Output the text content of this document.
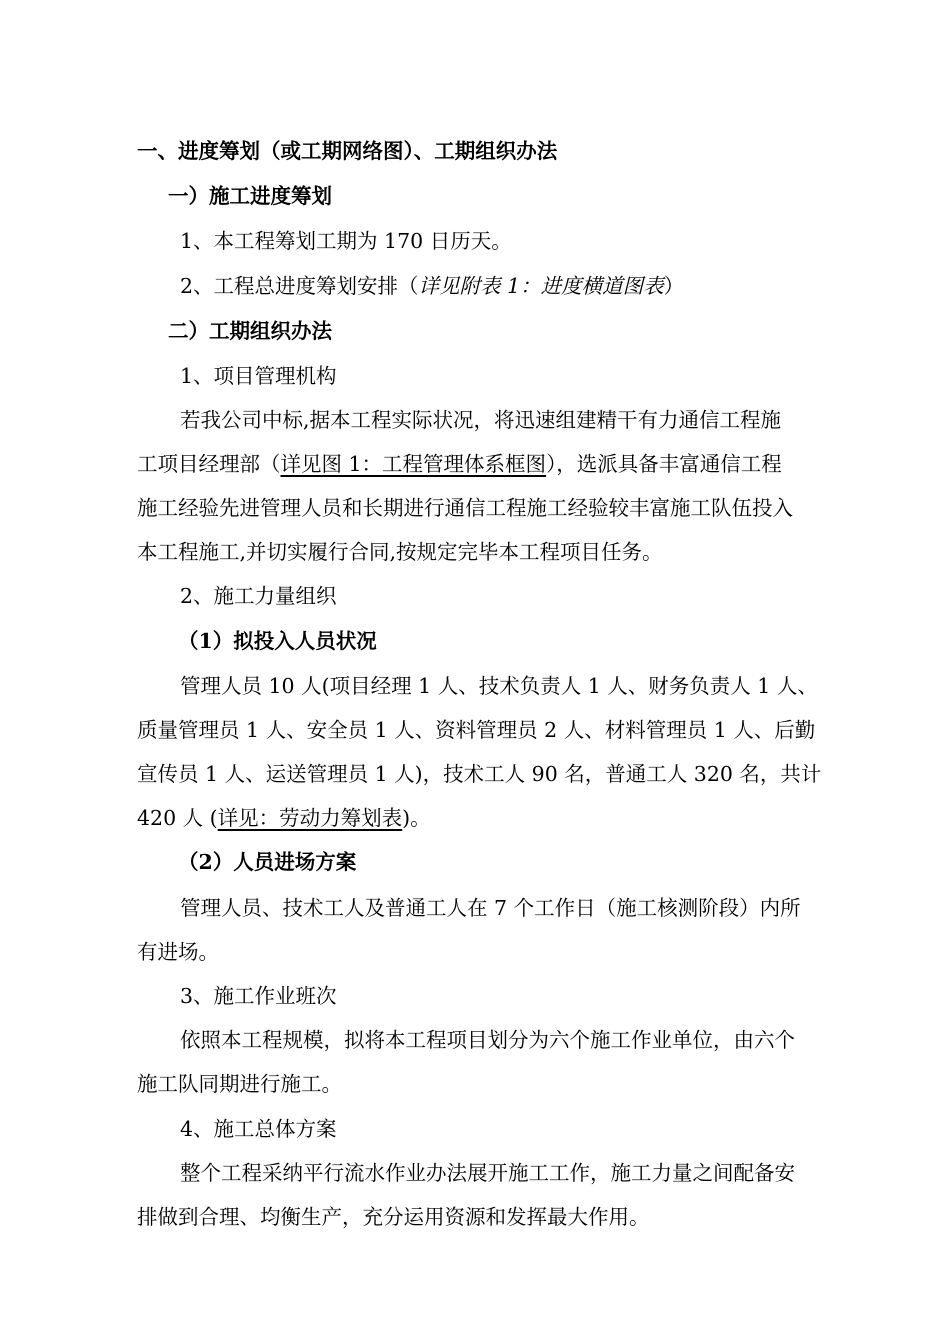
一、进度筹划（或工期网络图）、工期组织办法
一）施工进度筹划
1、本工程筹划工期为 170 日历天。
2、工程总进度筹划安排（详见附表 1：进度横道图表）
二）工期组织办法
1、项目管理机构
若我公司中标,据本工程实际状况，将迅速组建精干有力通信工程施
工项目经理部（详见图 1：工程管理体系框图），选派具备丰富通信工程
施工经验先进管理人员和长期进行通信工程施工经验较丰富施工队伍投入
本工程施工,并切实履行合同,按规定完毕本工程项目任务。
2、施工力量组织
（1）拟投入人员状况
管理人员 10 人(项目经理 1 人、技术负责人 1 人、财务负责人 1 人、
质量管理员 1 人、安全员 1 人、资料管理员 2 人、材料管理员 1 人、后勤
宣传员 1 人、运送管理员 1 人)，技术工人 90 名，普通工人 320 名，共计
420 人 (详见：劳动力筹划表)。
（2）人员进场方案
管理人员、技术工人及普通工人在 7 个工作日（施工核测阶段）内所
有进场。
3、施工作业班次
依照本工程规模，拟将本工程项目划分为六个施工作业单位，由六个
施工队同期进行施工。
4、施工总体方案
整个工程采纳平行流水作业办法展开施工工作，施工力量之间配备安
排做到合理、均衡生产，充分运用资源和发挥最大作用。
